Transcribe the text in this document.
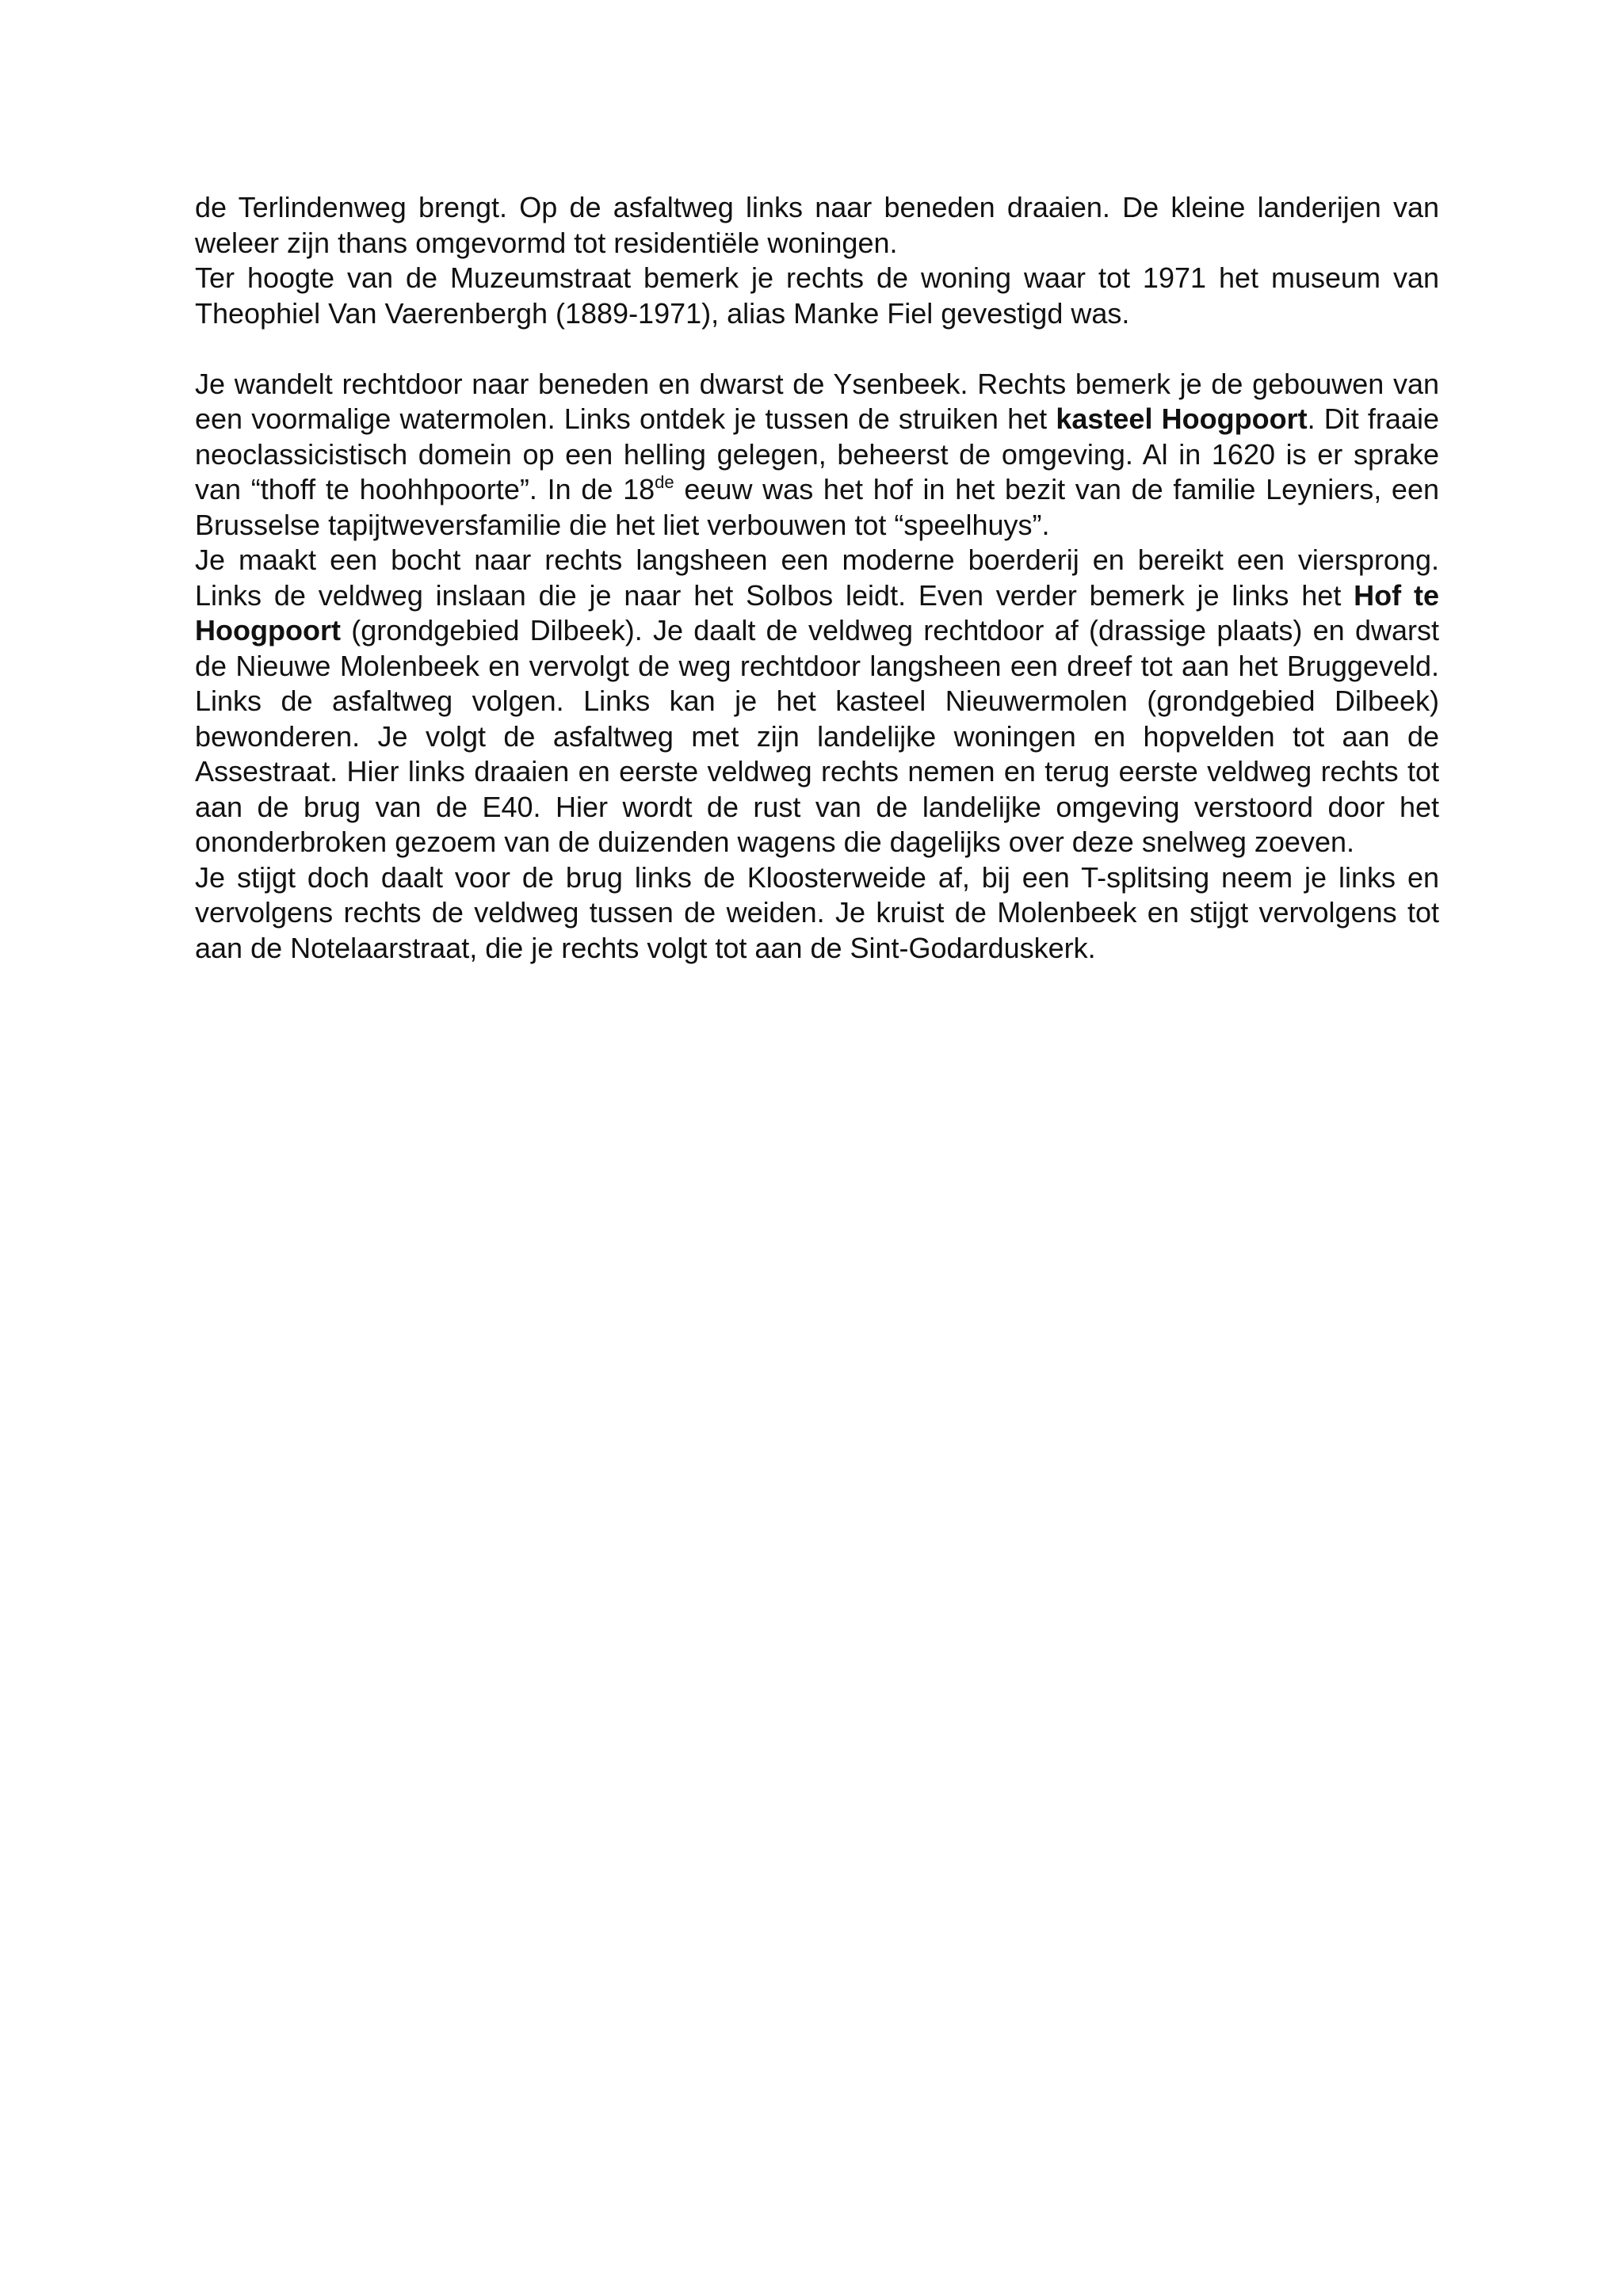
de Terlindenweg brengt. Op de asfaltweg links naar beneden draaien. De kleine landerijen van weleer zijn thans omgevormd tot residentiële woningen.

Ter hoogte van de Muzeumstraat bemerk je rechts de woning waar tot 1971 het museum van Theophiel Van Vaerenbergh (1889-1971), alias Manke Fiel gevestigd was.

Je wandelt rechtdoor naar beneden en dwarst de Ysenbeek. Rechts bemerk je de gebouwen van een voormalige watermolen. Links ontdek je tussen de struiken het kasteel Hoogpoort. Dit fraaie neoclassicistisch domein op een helling gelegen, beheerst de omgeving. Al in 1620 is er sprake van “thoff te hoohhpoorte”. In de 18de eeuw was het hof in het bezit van de familie Leyniers, een Brusselse tapijtweversfamilie die het liet verbouwen tot “speelhuys”.

Je maakt een bocht naar rechts langsheen een moderne boerderij en bereikt een viersprong. Links de veldweg inslaan die je naar het Solbos leidt. Even verder bemerk je links het Hof te Hoogpoort (grondgebied Dilbeek). Je daalt de veldweg rechtdoor af (drassige plaats) en dwarst de Nieuwe Molenbeek en vervolgt de weg rechtdoor langsheen een dreef tot aan het Bruggeveld. Links de asfaltweg volgen. Links kan je het kasteel Nieuwermolen (grondgebied Dilbeek) bewonderen. Je volgt de asfaltweg met zijn landelijke woningen en hopvelden tot aan de Assestraat. Hier links draaien en eerste veldweg rechts nemen en terug eerste veldweg rechts tot aan de brug van de E40. Hier wordt de rust van de landelijke omgeving verstoord door het ononderbroken gezoem van de duizenden wagens die dagelijks over deze snelweg zoeven.

Je stijgt doch daalt voor de brug links de Kloosterweide af, bij een T-splitsing neem je links en vervolgens rechts de veldweg tussen de weiden. Je kruist de Molenbeek en stijgt vervolgens tot aan de Notelaarstraat, die je rechts volgt tot aan de Sint-Godarduskerk.
